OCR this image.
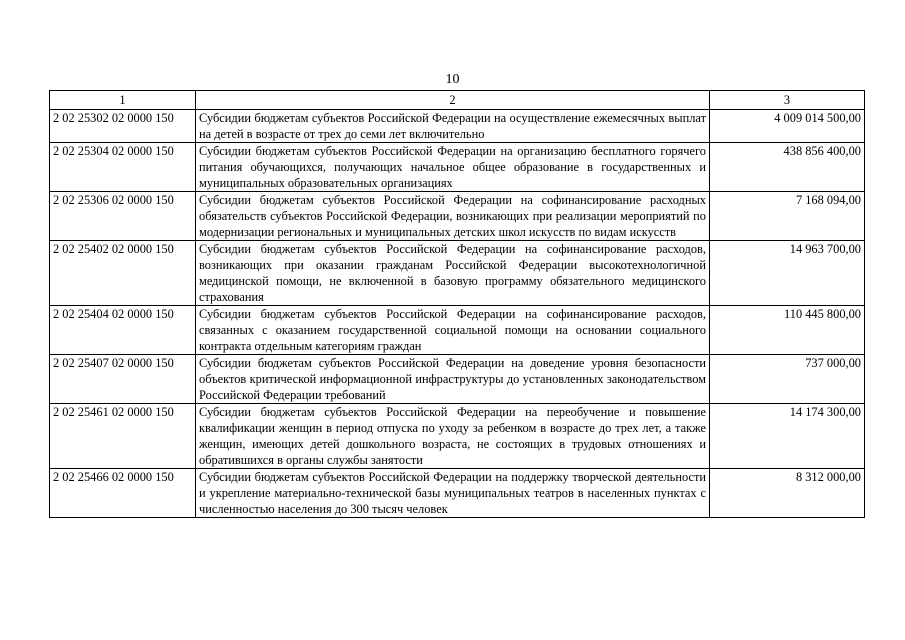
10
1	2	3
2 02 25302 02 0000 150	Субсидии бюджетам субъектов Российской Федерации на осуществление ежемесячных выплат на детей в возрасте от трех до семи лет включительно	4 009 014 500,00
2 02 25304 02 0000 150	Субсидии бюджетам субъектов Российской Федерации на организацию бесплатного горячего питания обучающихся, получающих начальное общее образование в государственных и муниципальных образовательных организациях	438 856 400,00
2 02 25306 02 0000 150	Субсидии бюджетам субъектов Российской Федерации на софинансирование расходных обязательств субъектов Российской Федерации, возникающих при реализации мероприятий по модернизации региональных и муниципальных детских школ искусств по видам искусств	7 168 094,00
2 02 25402 02 0000 150	Субсидии бюджетам субъектов Российской Федерации на софинансирование расходов, возникающих при оказании гражданам Российской Федерации высокотехнологичной медицинской помощи, не включенной в базовую программу обязательного медицинского страхования	14 963 700,00
2 02 25404 02 0000 150	Субсидии бюджетам субъектов Российской Федерации на софинансирование расходов, связанных с оказанием государственной социальной помощи на основании социального контракта отдельным категориям граждан	110 445 800,00
2 02 25407 02 0000 150	Субсидии бюджетам субъектов Российской Федерации на доведение уровня безопасности объектов критической информационной инфраструктуры до установленных законодательством Российской Федерации требований	737 000,00
2 02 25461 02 0000 150	Субсидии бюджетам субъектов Российской Федерации на переобучение и повышение квалификации женщин в период отпуска по уходу за ребенком в возрасте до трех лет, а также женщин, имеющих детей дошкольного возраста, не состоящих в трудовых отношениях и обратившихся в органы службы занятости	14 174 300,00
2 02 25466 02 0000 150	Субсидии бюджетам субъектов Российской Федерации на поддержку творческой деятельности и укрепление материально-технической базы муниципальных театров в населенных пунктах с численностью населения до 300 тысяч человек	8 312 000,00
